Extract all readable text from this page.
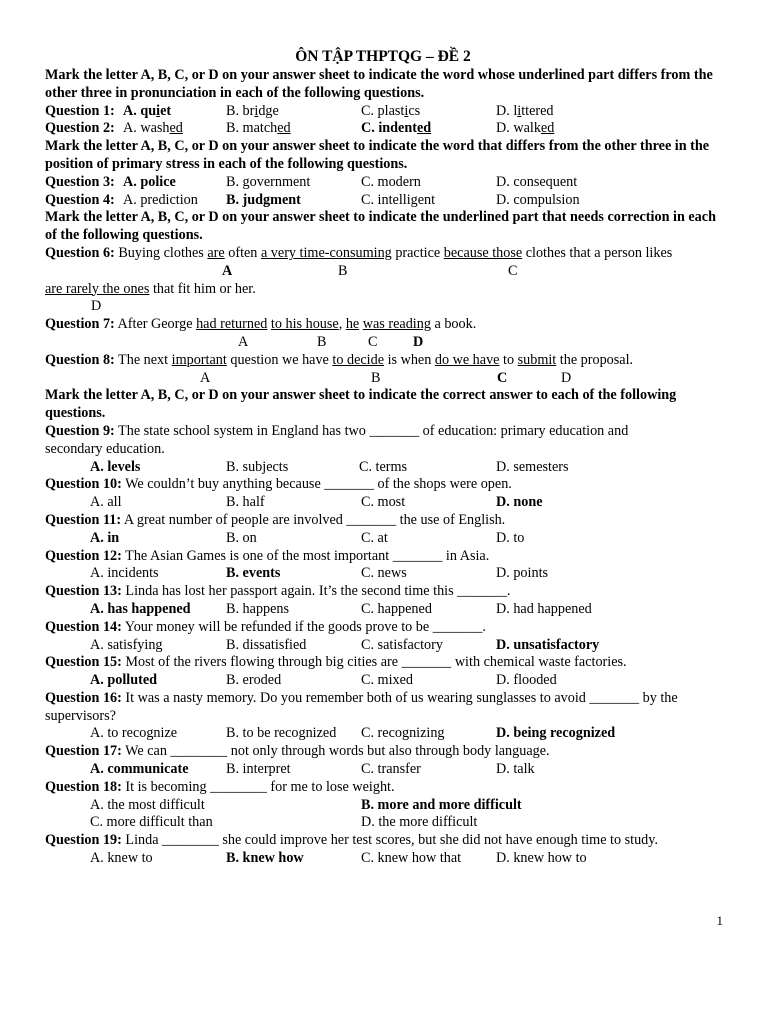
ÔN TẬP THPTQG – ĐỀ 2
Mark the letter A, B, C, or D on your answer sheet to indicate the word whose underlined part differs from the other three in pronunciation in each of the following questions.
Question 1: A. quiet	B. bridge	C. plastics	D. littered
Question 2: A. washed	B. matched	C. indented	D. walked
Mark the letter A, B, C, or D on your answer sheet to indicate the word that differs from the other three in the position of primary stress in each of the following questions.
Question 3: A. police	B. government	C. modern	D. consequent
Question 4: A. prediction B. judgment	C. intelligent	D. compulsion
Mark the letter A, B, C, or D on your answer sheet to indicate the underlined part that needs correction in each of the following questions.
Question 6: Buying clothes are often a very time-consuming practice because those clothes that a person likes
A	B	C
are rarely the ones that fit him or her.
D
Question 7: After George had returned to his house, he was reading a book.
A	B	C	D
Question 8: The next important question we have to decide is when do we have to submit the proposal.
A	B	C	D
Mark the letter A, B, C, or D on your answer sheet to indicate the correct answer to each of the following questions.
Question 9: The state school system in England has two _______ of education: primary education and
secondary education.
A. levels	B. subjects	C. terms	D. semesters
Question 10: We couldn’t buy anything because _______ of the shops were open.
A. all	B. half	C. most	D. none
Question 11: A great number of people are involved _______ the use of English.
A. in	B. on	C. at	D. to
Question 12: The Asian Games is one of the most important _______ in Asia.
A. incidents	B. events	C. news	D. points
Question 13: Linda has lost her passport again. It’s the second time this _______.
A. has happened B. happens	C. happened	D. had happened
Question 14: Your money will be refunded if the goods prove to be _______.
A. satisfying	B. dissatisfied	C. satisfactory	D. unsatisfactory
Question 15: Most of the rivers flowing through big cities are _______ with chemical waste factories.
A. polluted	B. eroded	C. mixed	D. flooded
Question 16: It was a nasty memory. Do you remember both of us wearing sunglasses to avoid _______ by the
supervisors?
A. to recognize	B. to be recognized C. recognizing	D. being recognized
Question 17: We can ________ not only through words but also through body language.
A. communicate	B. interpret	C. transfer	D. talk
Question 18: It is becoming ________ for me to lose weight.
A. the most difficult	B. more and more difficult
C. more difficult than	D. the more difficult
Question 19: Linda ________ she could improve her test scores, but she did not have enough time to study.
A. knew to	B. knew how	C. knew how that D. knew how to
1
